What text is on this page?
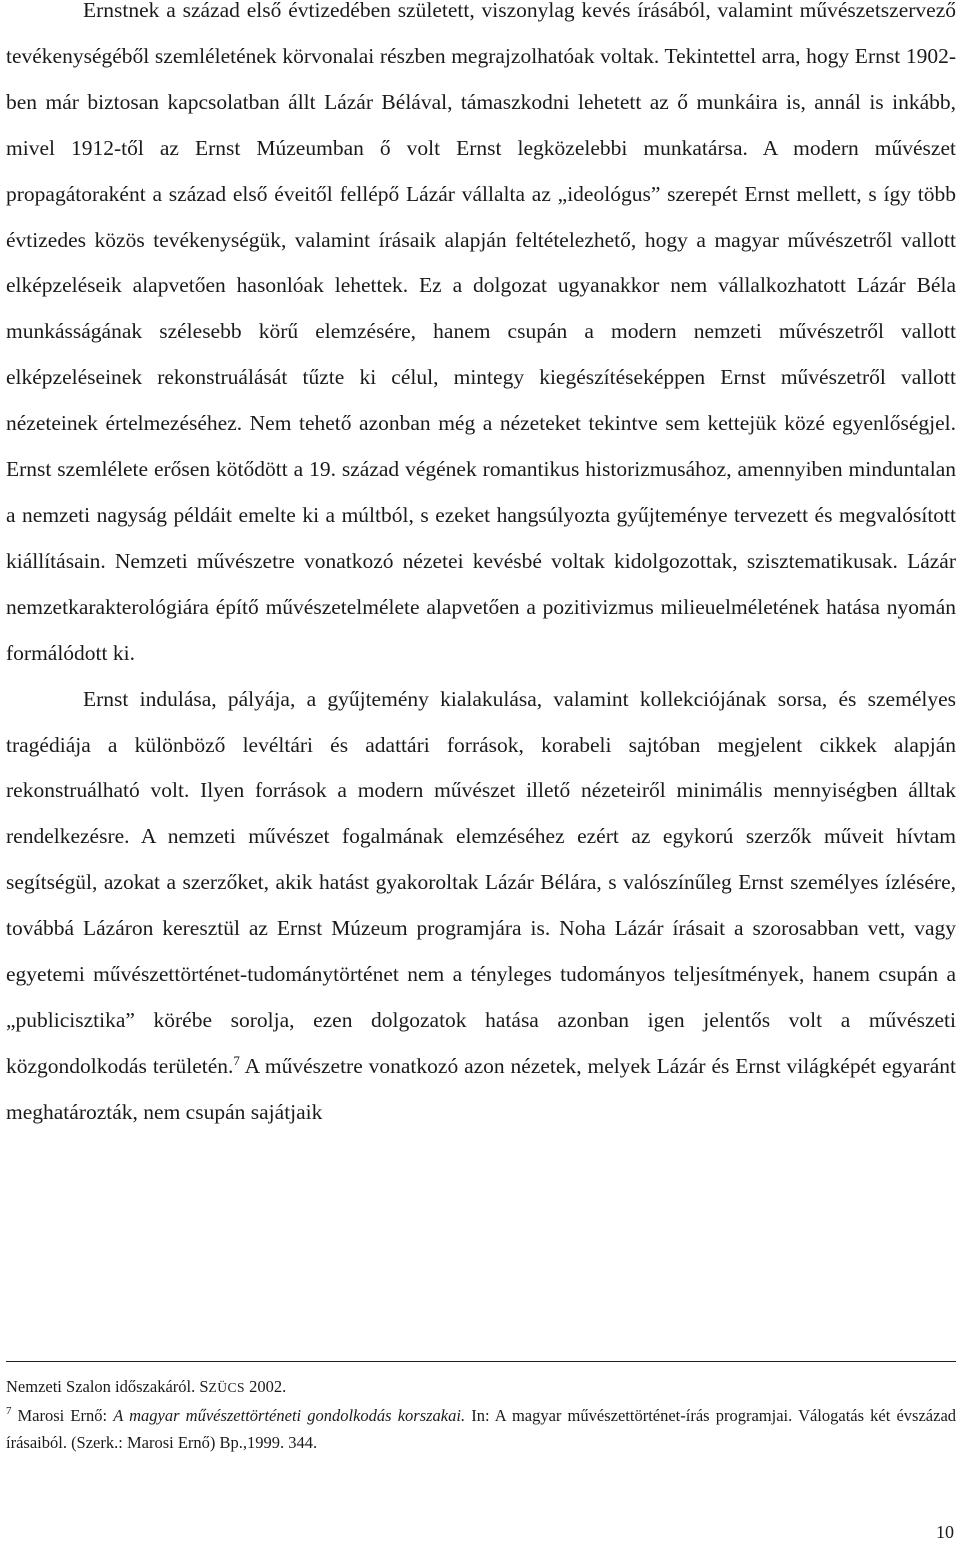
Ernstnek a század első évtizedében született, viszonylag kevés írásából, valamint művészetszervező tevékenységéből szemléletének körvonalai részben megrajzolhatóak voltak. Tekintettel arra, hogy Ernst 1902-ben már biztosan kapcsolatban állt Lázár Bélával, támaszkodni lehetett az ő munkáira is, annál is inkább, mivel 1912-től az Ernst Múzeumban ő volt Ernst legközelebbi munkatársa. A modern művészet propagátoraként a század első éveitől fellépő Lázár vállalta az „ideológus” szerepét Ernst mellett, s így több évtizedes közös tevékenységük, valamint írásaik alapján feltételezhető, hogy a magyar művészetről vallott elképzeléseik alapvetően hasonlóak lehettek. Ez a dolgozat ugyanakkor nem vállalkozhatott Lázár Béla munkásságának szélesebb körű elemzésére, hanem csupán a modern nemzeti művészetről vallott elképzeléseinek rekonstruálását tűzte ki célul, mintegy kiegészítéseképpen Ernst művészetről vallott nézeteinek értelmezéséhez. Nem tehető azonban még a nézeteket tekintve sem kettejük közé egyenlőségjel. Ernst szemlélete erősen kötődött a 19. század végének romantikus historizmusához, amennyiben minduntalan a nemzeti nagyság példáit emelte ki a múltból, s ezeket hangsúlyozta gyűjteménye tervezett és megvalósított kiállításain. Nemzeti művészetre vonatkozó nézetei kevésbé voltak kidolgozottak, szisztematikusak. Lázár nemzetkarakterológiára építő művészetelmélete alapvetően a pozitivizmus milieuelméletének hatása nyomán formálódott ki.

Ernst indulása, pályája, a gyűjtemény kialakulása, valamint kollekciójának sorsa, és személyes tragédiája a különböző levéltári és adattári források, korabeli sajtóban megjelent cikkek alapján rekonstruálható volt. Ilyen források a modern művészet illető nézeteiről minimális mennyiségben álltak rendelkezésre. A nemzeti művészet fogalmának elemzéséhez ezért az egykorú szerzők műveit hívtam segítségül, azokat a szerzőket, akik hatást gyakoroltak Lázár Bélára, s valószínűleg Ernst személyes ízlésére, továbbá Lázáron keresztül az Ernst Múzeum programjára is. Noha Lázár írásait a szorosabban vett, vagy egyetemi művészettörténet-tudománytörténet nem a tényleges tudományos teljesítmények, hanem csupán a „publicisztika” körébe sorolja, ezen dolgozatok hatása azonban igen jelentős volt a művészeti közgondolkodás területén.$^7$ A művészetre vonatkozó azon nézetek, melyek Lázár és Ernst világképét egyaránt meghatározták, nem csupán sajátjaik

Nemzeti Szalon időszakáról. SZÜCS 2002.

$^7$ Marosi Ernő: A magyar művészettörténeti gondolkodás korszakai. In: A magyar művészettörténet-írás programjai. Válogatás két évszázad írásaiból. (Szerk.: Marosi Ernő) Bp.,1999. 344.

10
